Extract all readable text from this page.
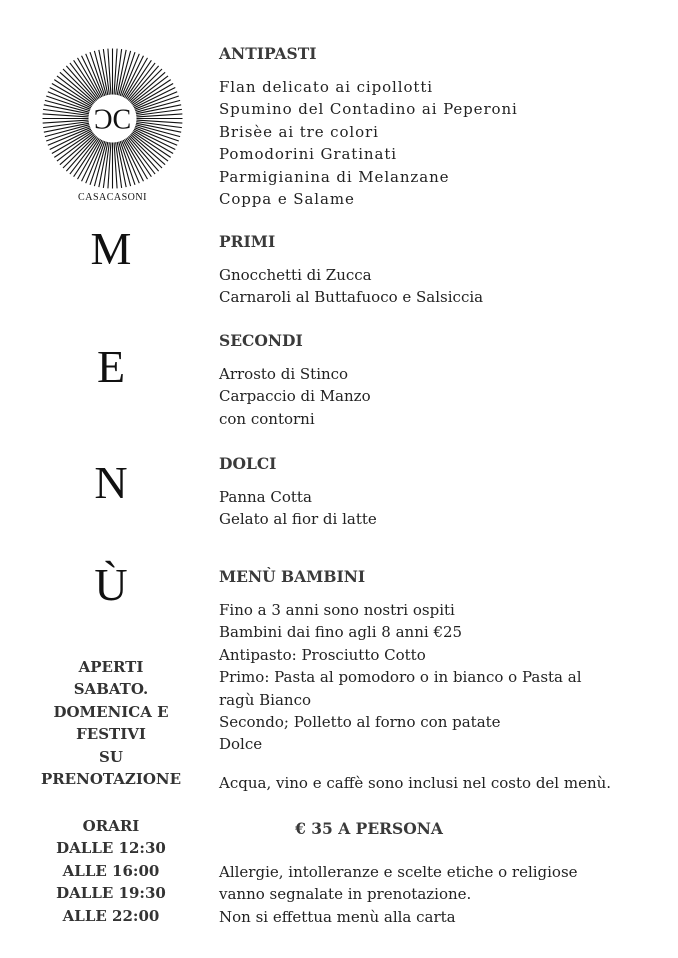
ƆC
CASACASONI
M
E
N
Ù
APERTI
SABATO.
DOMENICA E
FESTIVI
SU
PRENOTAZIONE
ORARI
DALLE 12:30
ALLE 16:00
DALLE 19:30
ALLE 22:00
ANTIPASTI
Flan delicato ai cipollotti
Spumino del Contadino ai Peperoni
Brisèe ai tre colori
Pomodorini Gratinati
Parmigianina di Melanzane
Coppa e Salame
PRIMI
Gnocchetti di Zucca
Carnaroli al Buttafuoco e Salsiccia
SECONDI
Arrosto di Stinco
Carpaccio di Manzo
con contorni
DOLCI
Panna Cotta
Gelato al fior di latte
MENÙ BAMBINI
Fino a 3 anni sono nostri ospiti
Bambini dai fino agli 8 anni €25
Antipasto: Prosciutto Cotto
Primo: Pasta al pomodoro o in bianco o Pasta al
ragù Bianco
Secondo; Polletto al forno con patate
Dolce
Acqua, vino e caffè sono inclusi nel costo del menù.
€ 35 A PERSONA
Allergie, intolleranze e scelte etiche o religiose
vanno segnalate in prenotazione.
Non si effettua menù alla carta
